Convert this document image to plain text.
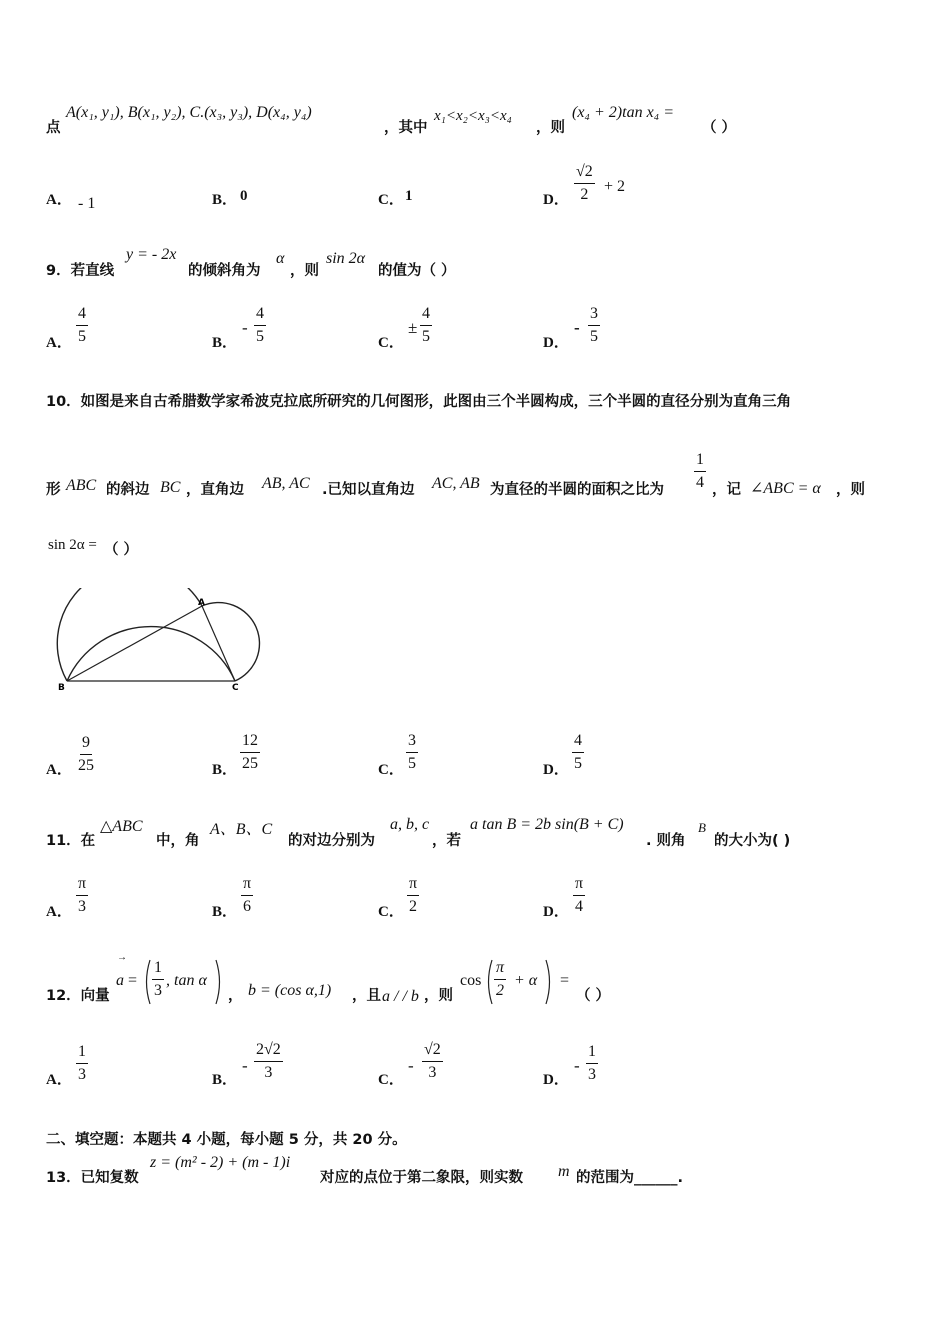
点
A(x₁, y₁), B(x₁, y₂), C.(x₃, y₃), D(x₄, y₄)
，其中
x₁<x₂<x₃<x₄
，则
(x₄ + 2)tan x₄ =
（ ）
A． - 1	B． 0	C． 1	D． $\frac{√2}{2} + 2$
9．若直线
y = - 2x
的倾斜角为
α
，则
sin 2α
的值为（ ）
A． $\frac{4}{5}$	B．
- $\frac{4}{5}$	C．
± $\frac{4}{5}$	D．
- $\frac{3}{5}$
10．如图是来自古希腊数学家希波克拉底所研究的几何图形，此图由三个半圆构成，三个半圆的直径分别为直角三角
形 ABC 的斜边 BC ，直角边 AB, AC .已知以直角边 AC, AB 为直径的半圆的面积之比为 $\frac{1}{4}$ ，记 ∠ABC = α ，则
sin 2α = （ ）
A
B	C
A． $\frac{9}{25}$	B． $\frac{12}{25}$	C． $\frac{3}{5}$	D． $\frac{4}{5}$
11．在
△ABC
中，角
A、B、C
的对边分别为
a, b, c
，若
a tan B = 2b sin(B + C)
. 则角
B
的大小为( )
A． $\frac{\pi}{3}$	B． $\frac{\pi}{6}$	C． $\frac{\pi}{2}$	D． $\frac{\pi}{4}$
12．向量
→
$a = \frac{1}{3}$ , tan α
， b = (cos α,1) ，且 a / / b ，则
$\cos \frac{\pi}{2} + \alpha$ =
（ ）
A． $\frac{1}{3}$	B．
- $\frac{2√2}{3}$	C．
- $\frac{√2}{3}$	D．
- $\frac{1}{3}$
二、填空题：本题共 4 小题，每小题 5 分，共 20 分。
13．已知复数
z = (m² - 2) + (m - 1)i
对应的点位于第二象限，则实数 m 的范围为______.
